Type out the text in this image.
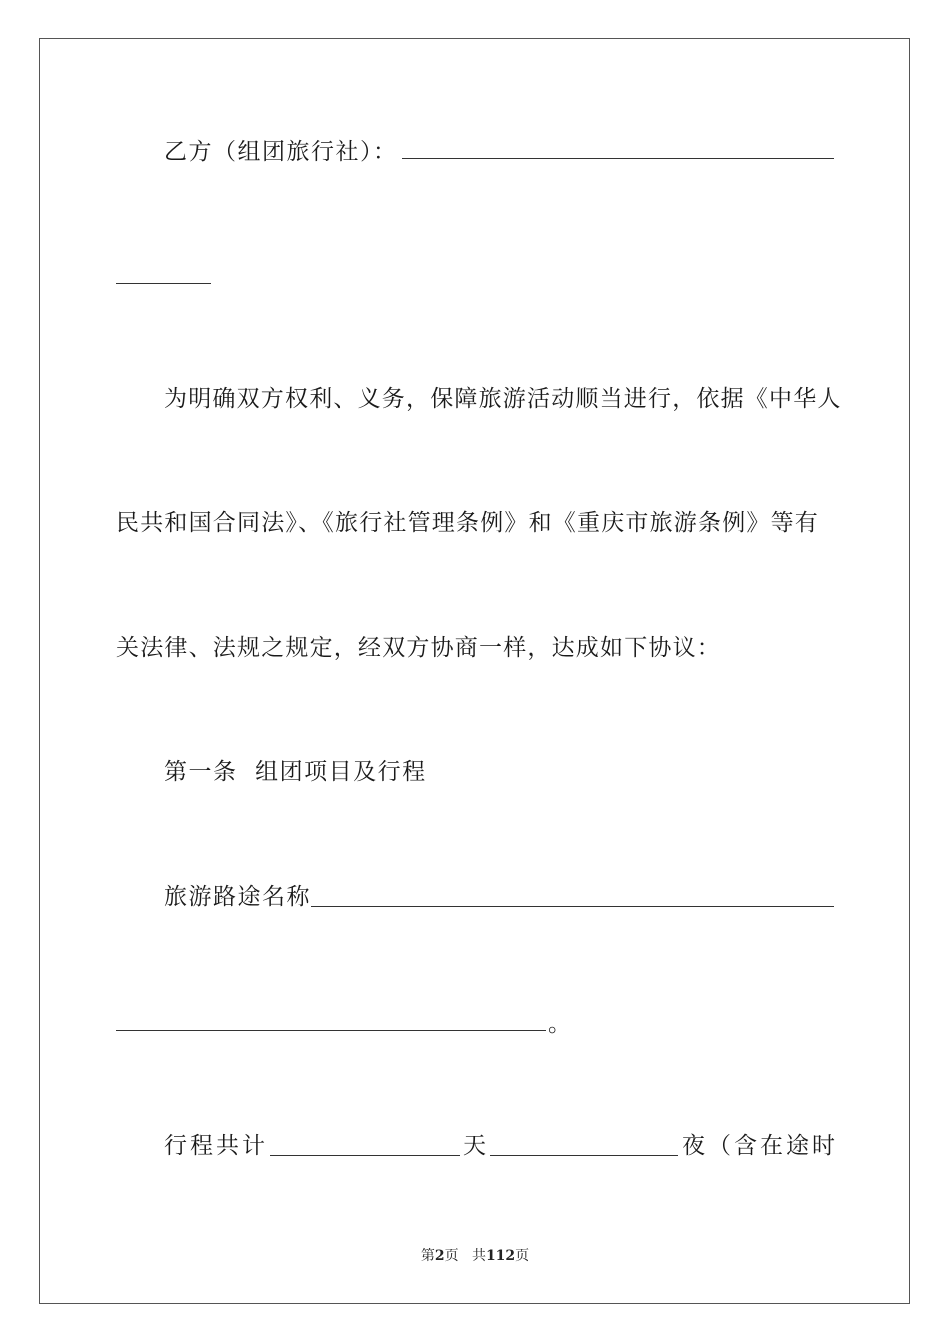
乙方（组团旅行社）：
为明确双方权利、义务，保障旅游活动顺当进行，依据《中华人
民共和国合同法》、《旅行社管理条例》和《重庆市旅游条例》等有
关法律、法规之规定，经双方协商一样，达成如下协议：
第一条  组团项目及行程
旅游路途名称
。
行程共计	天	夜（含在途时
第2页 共112页
